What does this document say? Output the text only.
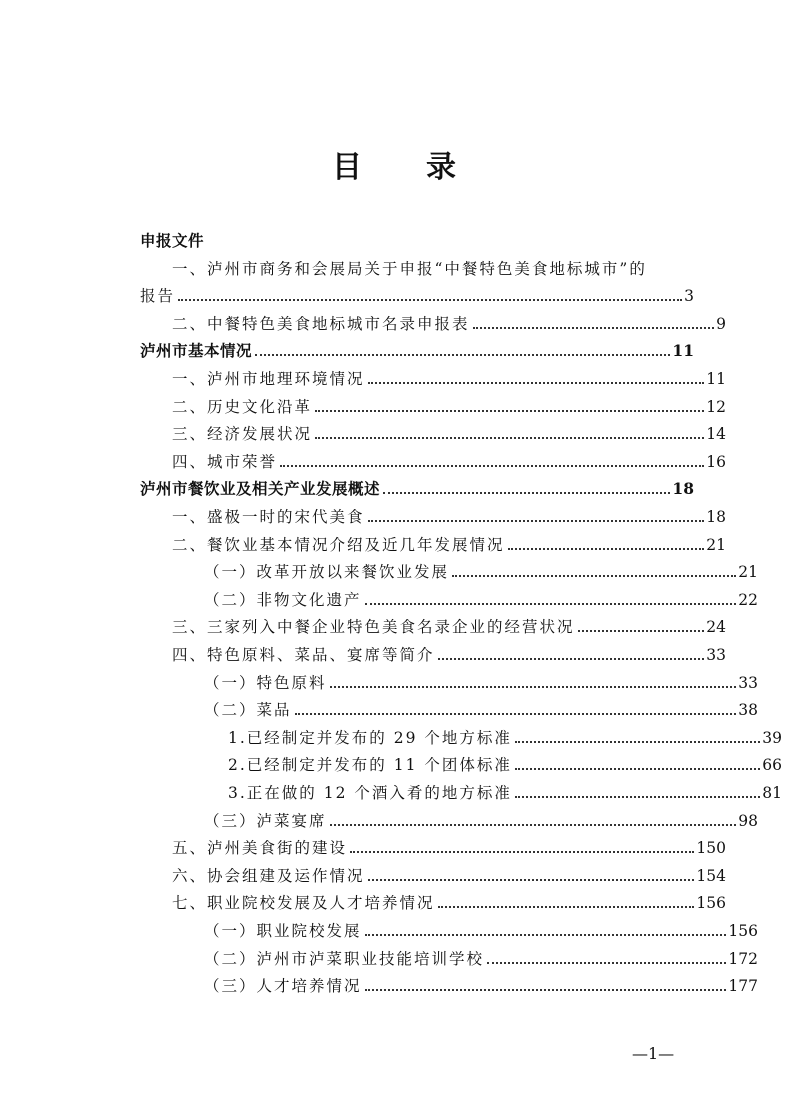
目 录
申报文件
一、泸州市商务和会展局关于申报“中餐特色美食地标城市”的
报告	3
二、中餐特色美食地标城市名录申报表	9
泸州市基本情况	11
一、泸州市地理环境情况	11
二、历史文化沿革	12
三、经济发展状况	14
四、城市荣誉	16
泸州市餐饮业及相关产业发展概述	18
一、盛极一时的宋代美食	18
二、餐饮业基本情况介绍及近几年发展情况	21
（一）改革开放以来餐饮业发展	21
（二）非物文化遗产	22
三、三家列入中餐企业特色美食名录企业的经营状况	24
四、特色原料、菜品、宴席等简介	33
（一）特色原料	33
（二）菜品	38
1.已经制定并发布的 29 个地方标准	39
2.已经制定并发布的 11 个团体标准	66
3.正在做的 12 个酒入肴的地方标准	81
（三）泸菜宴席	98
五、泸州美食街的建设	150
六、协会组建及运作情况	154
七、职业院校发展及人才培养情况	156
（一）职业院校发展	156
（二）泸州市泸菜职业技能培训学校	172
（三）人才培养情况	177
—1—
